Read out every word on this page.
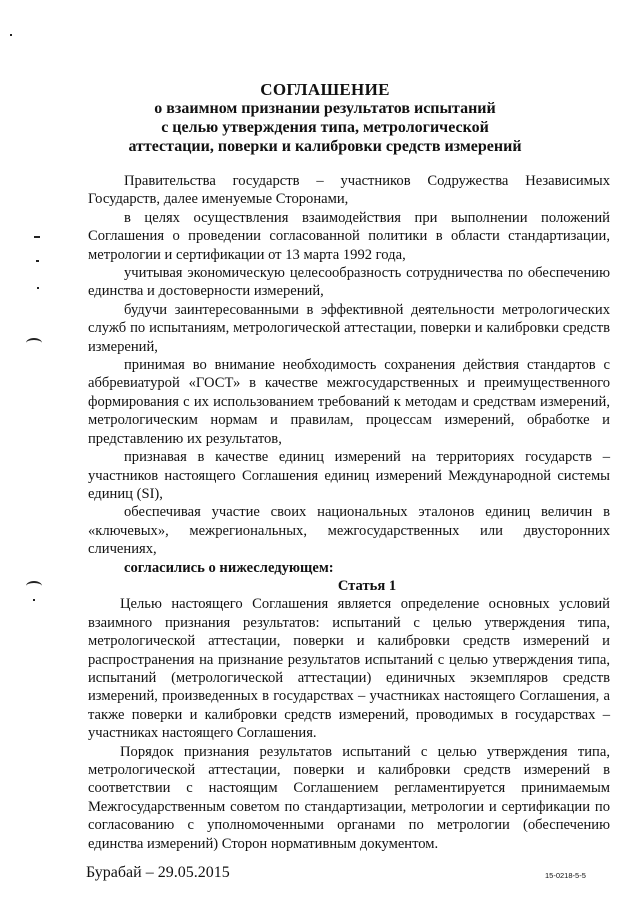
СОГЛАШЕНИЕ
о взаимном признании результатов испытаний
с целью утверждения типа, метрологической
аттестации, поверки и калибровки средств измерений

Правительства государств – участников Содружества Независимых Государств, далее именуемые Сторонами,

в целях осуществления взаимодействия при выполнении положений Соглашения о проведении согласованной политики в области стандартизации, метрологии и сертификации от 13 марта 1992 года,

учитывая экономическую целесообразность сотрудничества по обеспечению единства и достоверности измерений,

будучи заинтересованными в эффективной деятельности метрологических служб по испытаниям, метрологической аттестации, поверки и калибровки средств измерений,

принимая во внимание необходимость сохранения действия стандартов с аббревиатурой «ГОСТ» в качестве межгосударственных и преимущественного формирования с их использованием требований к методам и средствам измерений, метрологическим нормам и правилам, процессам измерений, обработке и представлению их результатов,

признавая в качестве единиц измерений на территориях государств – участников настоящего Соглашения единиц измерений Международной системы единиц (SI),

обеспечивая участие своих национальных эталонов единиц величин в «ключевых», межрегиональных, межгосударственных или двусторонних сличениях,

согласились о нижеследующем:

Статья 1

Целью настоящего Соглашения является определение основных условий взаимного признания результатов: испытаний с целью утверждения типа, метрологической аттестации, поверки и калибровки средств измерений и распространения на признание результатов испытаний с целью утверждения типа, испытаний (метрологической аттестации) единичных экземпляров средств измерений, произведенных в государствах – участниках настоящего Соглашения, а также поверки и калибровки средств измерений, проводимых в государствах – участниках настоящего Соглашения.

Порядок признания результатов испытаний с целью утверждения типа, метрологической аттестации, поверки и калибровки средств измерений в соответствии с настоящим Соглашением регламентируется принимаемым Межгосударственным советом по стандартизации, метрологии и сертификации по согласованию с уполномоченными органами по метрологии (обеспечению единства измерений) Сторон нормативным документом.

Бурабай – 29.05.2015	15-0218-5-5
